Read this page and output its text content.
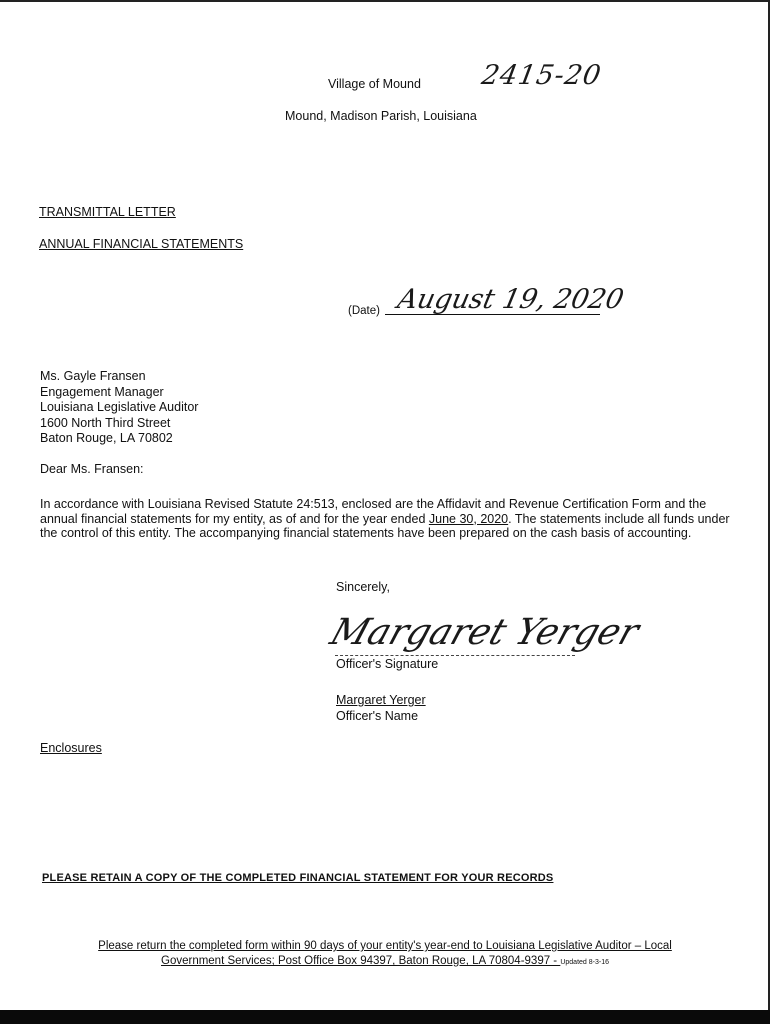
Village of Mound 2415-20
Mound, Madison Parish, Louisiana
TRANSMITTAL LETTER
ANNUAL FINANCIAL STATEMENTS
(Date) August 19, 2020
Ms. Gayle Fransen
Engagement Manager
Louisiana Legislative Auditor
1600 North Third Street
Baton Rouge, LA 70802
Dear Ms. Fransen:
In accordance with Louisiana Revised Statute 24:513, enclosed are the Affidavit and Revenue Certification Form and the annual financial statements for my entity, as of and for the year ended June 30, 2020. The statements include all funds under the control of this entity. The accompanying financial statements have been prepared on the cash basis of accounting.
Sincerely,
Margaret Yerger
Officer's Signature
Margaret Yerger
Officer's Name
Enclosures
PLEASE RETAIN A COPY OF THE COMPLETED FINANCIAL STATEMENT FOR YOUR RECORDS
Please return the completed form within 90 days of your entity's year-end to Louisiana Legislative Auditor – Local
Government Services; Post Office Box 94397, Baton Rouge, LA 70804-9397 - Updated 8-3-16
